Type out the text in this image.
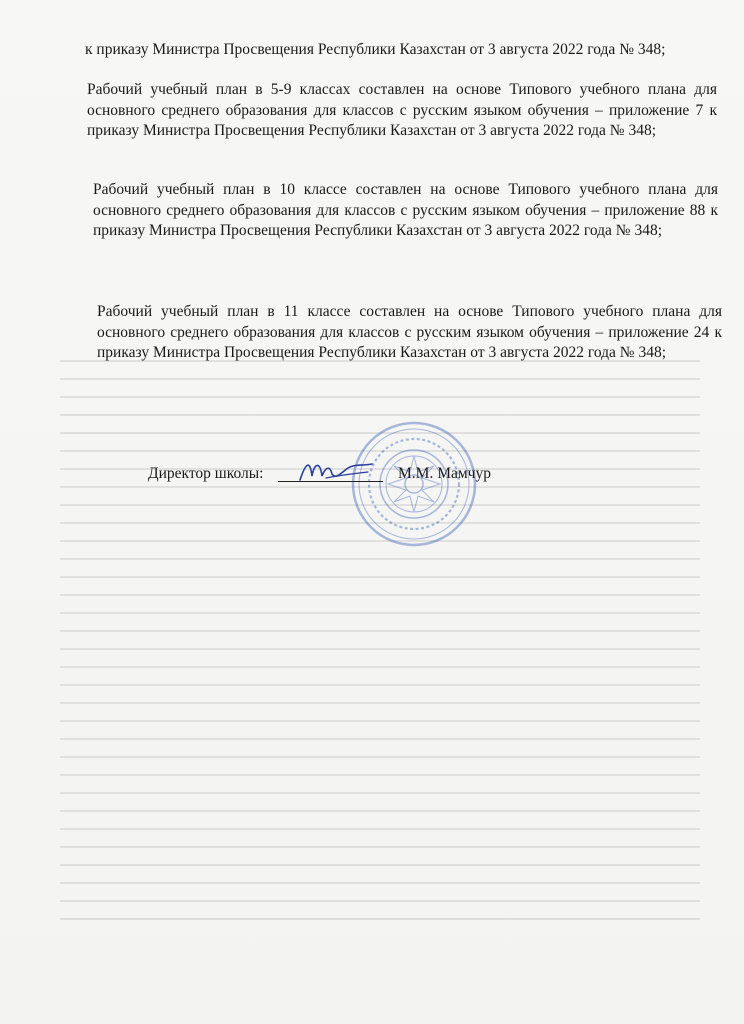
к приказу Министра Просвещения Республики Казахстан от 3 августа 2022 года № 348;
Рабочий учебный план в 5-9 классах составлен на основе Типового учебного плана для основного среднего образования для классов с русским языком обучения – приложение 7 к приказу Министра Просвещения Республики Казахстан от 3 августа 2022 года № 348;
Рабочий учебный план в 10 классе составлен на основе Типового учебного плана для основного среднего образования для классов с русским языком обучения – приложение 88 к приказу Министра Просвещения Республики Казахстан от 3 августа 2022 года № 348;
Рабочий учебный план в 11 классе составлен на основе Типового учебного плана для основного среднего образования для классов с русским языком обучения – приложение 24 к приказу Министра Просвещения Республики Казахстан от 3 августа 2022 года № 348;
Директор школы:	М.М. Мамчур
